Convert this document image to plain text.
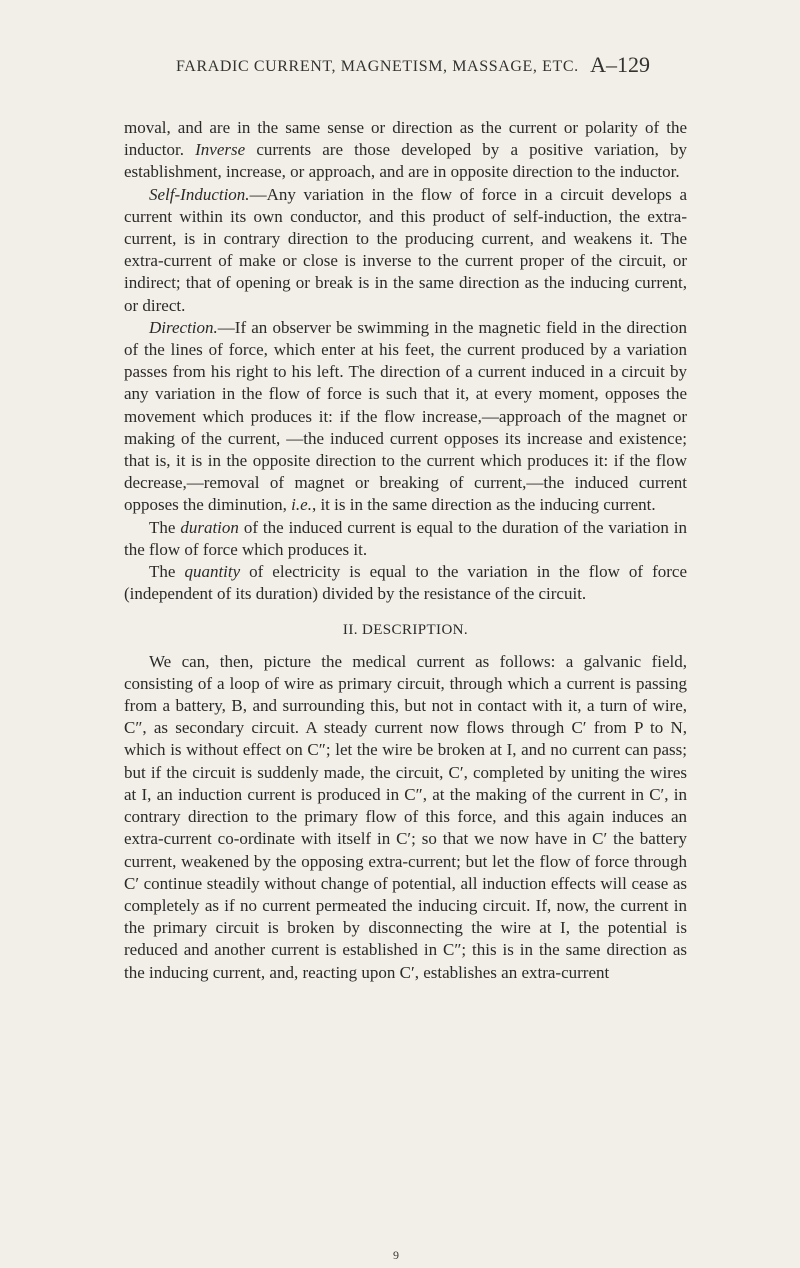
FARADIC CURRENT, MAGNETISM, MASSAGE, ETC. A–129

moval, and are in the same sense or direction as the current or polarity of the inductor. Inverse currents are those developed by a positive variation, by establishment, increase, or approach, and are in opposite direction to the inductor.

Self-Induction.—Any variation in the flow of force in a circuit develops a current within its own conductor, and this product of self-induction, the extra-current, is in contrary direction to the producing current, and weakens it. The extra-current of make or close is inverse to the current proper of the circuit, or indirect; that of opening or break is in the same direction as the inducing current, or direct.

Direction.—If an observer be swimming in the magnetic field in the direction of the lines of force, which enter at his feet, the current produced by a variation passes from his right to his left. The direction of a current induced in a circuit by any variation in the flow of force is such that it, at every moment, opposes the movement which produces it: if the flow increase,—approach of the magnet or making of the current, —the induced current opposes its increase and existence; that is, it is in the opposite direction to the current which produces it: if the flow decrease,—removal of magnet or breaking of current,—the induced current opposes the diminution, i.e., it is in the same direction as the inducing current.

The duration of the induced current is equal to the duration of the variation in the flow of force which produces it.

The quantity of electricity is equal to the variation in the flow of force (independent of its duration) divided by the resistance of the circuit.

II. DESCRIPTION.

We can, then, picture the medical current as follows: a galvanic field, consisting of a loop of wire as primary circuit, through which a current is passing from a battery, B, and surrounding this, but not in contact with it, a turn of wire, C″, as secondary circuit. A steady current now flows through C′ from P to N, which is without effect on C″; let the wire be broken at I, and no current can pass; but if the circuit is suddenly made, the circuit, C′, completed by uniting the wires at I, an induction current is produced in C″, at the making of the current in C′, in contrary direction to the primary flow of this force, and this again induces an extra-current co-ordinate with itself in C′; so that we now have in C′ the battery current, weakened by the opposing extra-current; but let the flow of force through C′ continue steadily without change of potential, all induction effects will cease as completely as if no current permeated the inducing circuit. If, now, the current in the primary circuit is broken by disconnecting the wire at I, the potential is reduced and another current is established in C″; this is in the same direction as the inducing current, and, reacting upon C′, establishes an extra-current

9
